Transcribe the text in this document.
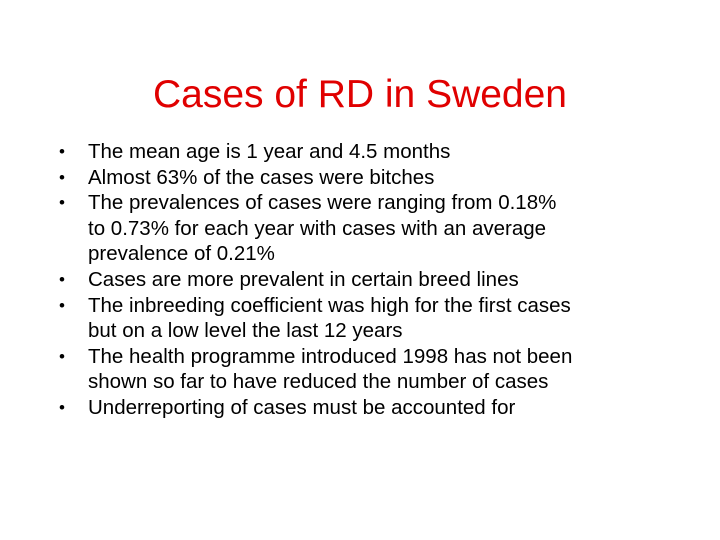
Cases of RD in Sweden
• The mean age is 1 year and 4.5 months
• Almost 63% of the cases were bitches
• The prevalences of cases were ranging from 0.18%
to 0.73% for each year with cases with an average
prevalence of 0.21%
• Cases are more prevalent in certain breed lines
• The inbreeding coefficient was high for the first cases
but on a low level the last 12 years
• The health programme introduced 1998 has not been
shown so far to have reduced the number of cases
• Underreporting of cases must be accounted for
